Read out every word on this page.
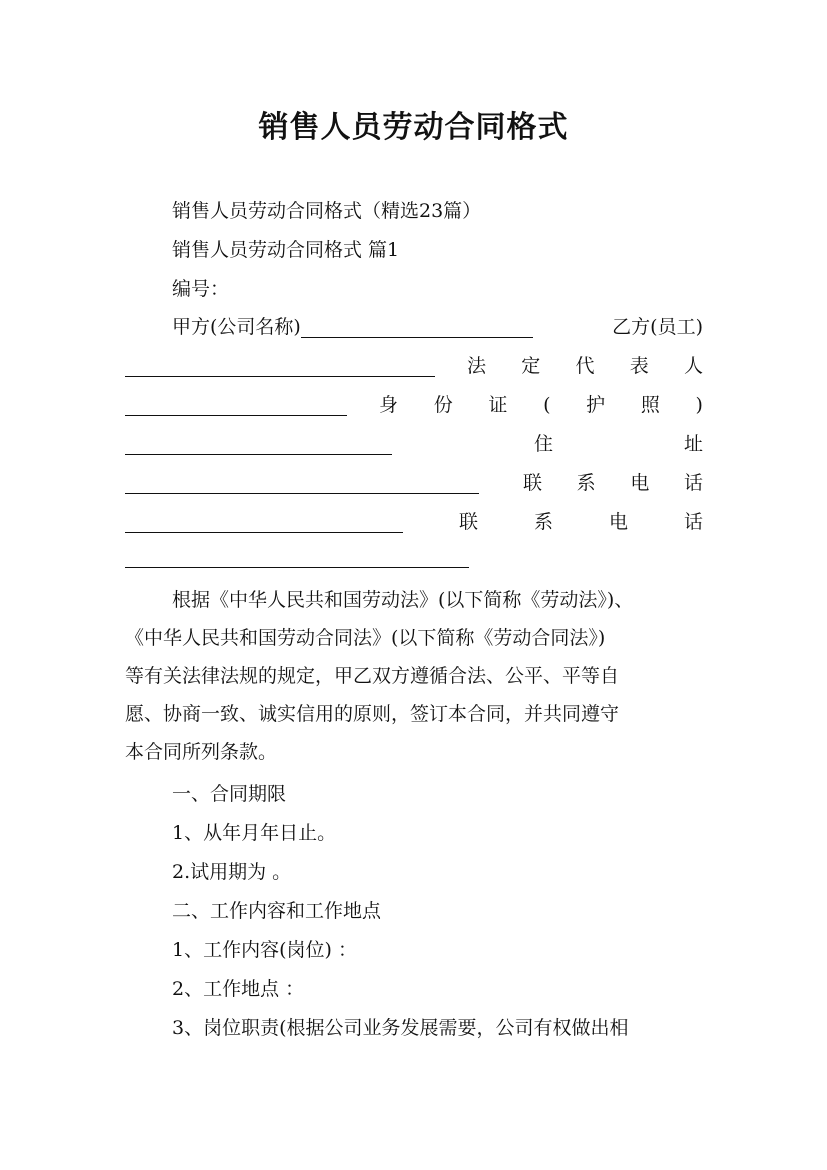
销售人员劳动合同格式
销售人员劳动合同格式（精选23篇）
销售人员劳动合同格式 篇1
编号：
甲方(公司名称)	乙方(员工)
法 定 代 表 人
身 份 证 ( 护 照 )
住	址
联 系 电 话
联	系	电	话
根据《中华人民共和国劳动法》(以下简称《劳动法》)、
《中华人民共和国劳动合同法》(以下简称《劳动合同法》)
等有关法律法规的规定，甲乙双方遵循合法、公平、平等自
愿、协商一致、诚实信用的原则，签订本合同，并共同遵守
本合同所列条款。
一、合同期限
1、从年月年日止。
2.试用期为 。
二、工作内容和工作地点
1、工作内容(岗位) ：
2、工作地点 ：
3、岗位职责(根据公司业务发展需要，公司有权做出相
